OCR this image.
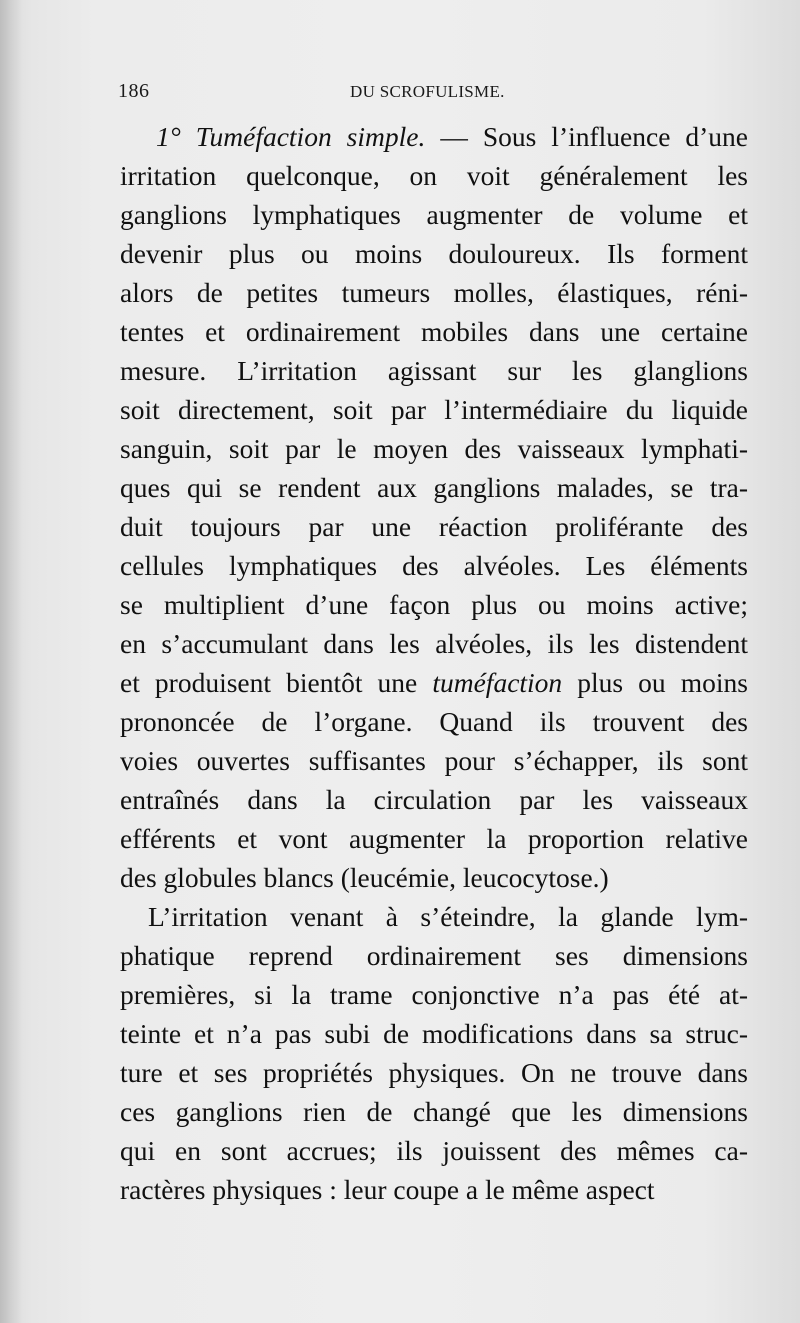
186	DU SCROFULISME.
1° Tuméfaction simple. — Sous l’influence d’une
irritation quelconque, on voit généralement les
ganglions lymphatiques augmenter de volume et
devenir plus ou moins douloureux. Ils forment
alors de petites tumeurs molles, élastiques, réni-
tentes et ordinairement mobiles dans une certaine
mesure. L’irritation agissant sur les glanglions
soit directement, soit par l’intermédiaire du liquide
sanguin, soit par le moyen des vaisseaux lymphati-
ques qui se rendent aux ganglions malades, se tra-
duit toujours par une réaction proliférante des
cellules lymphatiques des alvéoles. Les éléments
se multiplient d’une façon plus ou moins active;
en s’accumulant dans les alvéoles, ils les distendent
et produisent bientôt une tuméfaction plus ou moins
prononcée de l’organe. Quand ils trouvent des
voies ouvertes suffisantes pour s’échapper, ils sont
entraînés dans la circulation par les vaisseaux
efférents et vont augmenter la proportion relative
des globules blancs (leucémie, leucocytose.)
L’irritation venant à s’éteindre, la glande lym-
phatique reprend ordinairement ses dimensions
premières, si la trame conjonctive n’a pas été at-
teinte et n’a pas subi de modifications dans sa struc-
ture et ses propriétés physiques. On ne trouve dans
ces ganglions rien de changé que les dimensions
qui en sont accrues; ils jouissent des mêmes ca-
ractères physiques : leur coupe a le même aspect
